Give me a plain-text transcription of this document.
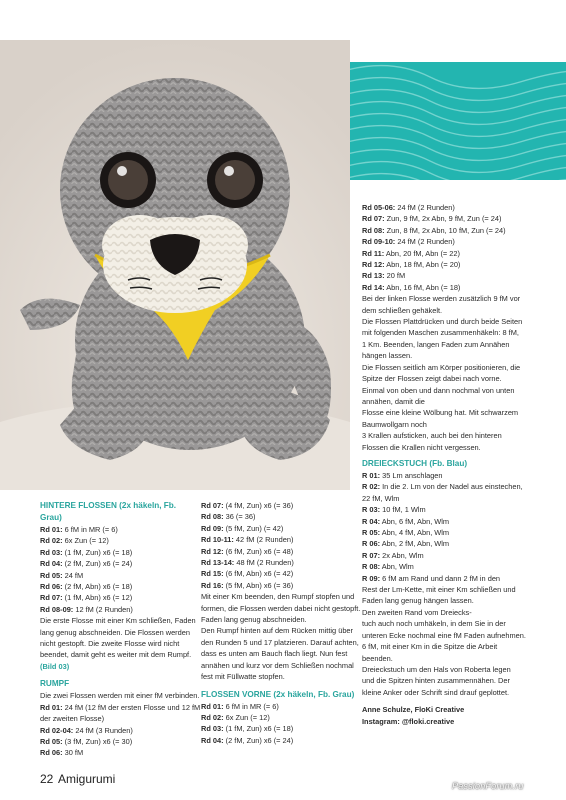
Rd 05-06: 24 fM (2 Runden)
Rd 07: Zun, 9 fM, 2x Abn, 9 fM, Zun (= 24)
Rd 08: Zun, 8 fM, 2x Abn, 10 fM, Zun (= 24)
Rd 09-10: 24 fM (2 Runden)
Rd 11: Abn, 20 fM, Abn (= 22)
Rd 12: Abn, 18 fM, Abn (= 20)
Rd 13: 20 fM
Rd 14: Abn, 16 fM, Abn (= 18)
Bei der linken Flosse werden zusätzlich 9 fM vor
dem schließen gehäkelt.
Die Flossen Plattdrücken und durch beide Seiten
mit folgenden Maschen zusammenhäkeln: 8 fM,
1 Km. Beenden, langen Faden zum Annähen
hängen lassen.
Die Flossen seitlich am Körper positionieren, die
Spitze der Flossen zeigt dabei nach vorne.
Einmal von oben und dann nochmal von unten
annähen, damit die
Flosse eine kleine Wölbung hat. Mit schwarzem
Baumwollgarn noch
3 Krallen aufsticken, auch bei den hinteren
Flossen die Krallen nicht vergessen.
DREIECKSTUCH (Fb. Blau)
R 01: 35 Lm anschlagen
R 02: In die 2. Lm von der Nadel aus einstechen,
22 fM, Wlm
R 03: 10 fM, 1 Wlm
R 04: Abn, 6 fM, Abn, Wlm
R 05: Abn, 4 fM, Abn, Wlm
R 06: Abn, 2 fM, Abn, Wlm
R 07: 2x Abn, Wlm
R 08: Abn, Wlm
R 09: 6 fM am Rand und dann 2 fM in den
Rest der Lm-Kette, mit einer Km schließen und
Faden lang genug hängen lassen.
Den zweiten Rand vom Dreiecks-
tuch auch noch umhäkeln, in dem Sie in der
unteren Ecke nochmal eine fM Faden aufnehmen.
6 fM, mit einer Km in die Spitze die Arbeit
beenden.
Dreieckstuch um den Hals von Roberta legen
und die Spitzen hinten zusammennähen. Der
kleine Anker oder Schrift sind drauf geplottet.
Anne Schulze, FloKi Creative
Instagram: @floki.creative
HINTERE FLOSSEN (2x häkeln, Fb. Grau)
Rd 01: 6 fM in MR (= 6)
Rd 02: 6x Zun (= 12)
Rd 03: (1 fM, Zun) x6 (= 18)
Rd 04: (2 fM, Zun) x6 (= 24)
Rd 05: 24 fM
Rd 06: (2 fM, Abn) x6 (= 18)
Rd 07: (1 fM, Abn) x6 (= 12)
Rd 08-09: 12 fM (2 Runden)
Die erste Flosse mit einer Km schließen, Faden
lang genug abschneiden. Die Flossen werden
nicht gestopft. Die zweite Flosse wird nicht
beendet, damit geht es weiter mit dem Rumpf.
(Bild 03)
RUMPF
Die zwei Flossen werden mit einer fM verbinden.
Rd 01: 24 fM (12 fM der ersten Flosse und 12 fM
der zweiten Flosse)
Rd 02-04: 24 fM (3 Runden)
Rd 05: (3 fM, Zun) x6 (= 30)
Rd 06: 30 fM
Rd 07: (4 fM, Zun) x6 (= 36)
Rd 08: 36 (= 36)
Rd 09: (5 fM, Zun) (= 42)
Rd 10-11: 42 fM (2 Runden)
Rd 12: (6 fM, Zun) x6 (= 48)
Rd 13-14: 48 fM (2 Runden)
Rd 15: (6 fM, Abn) x6 (= 42)
Rd 16: (5 fM, Abn) x6 (= 36)
Mit einer Km beenden, den Rumpf stopfen und
formen, die Flossen werden dabei nicht gestopft.
Faden lang genug abschneiden.
Den Rumpf hinten auf dem Rücken mittig über
den Runden 5 und 17 platzieren. Darauf achten,
dass es unten am Bauch flach liegt. Nun fest
annähen und kurz vor dem Schließen nochmal
fest mit Füllwatte stopfen.
FLOSSEN VORNE (2x häkeln, Fb. Grau)
Rd 01: 6 fM in MR (= 6)
Rd 02: 6x Zun (= 12)
Rd 03: (1 fM, Zun) x6 (= 18)
Rd 04: (2 fM, Zun) x6 (= 24)
22 Amigurumi	PassionForum.ru
